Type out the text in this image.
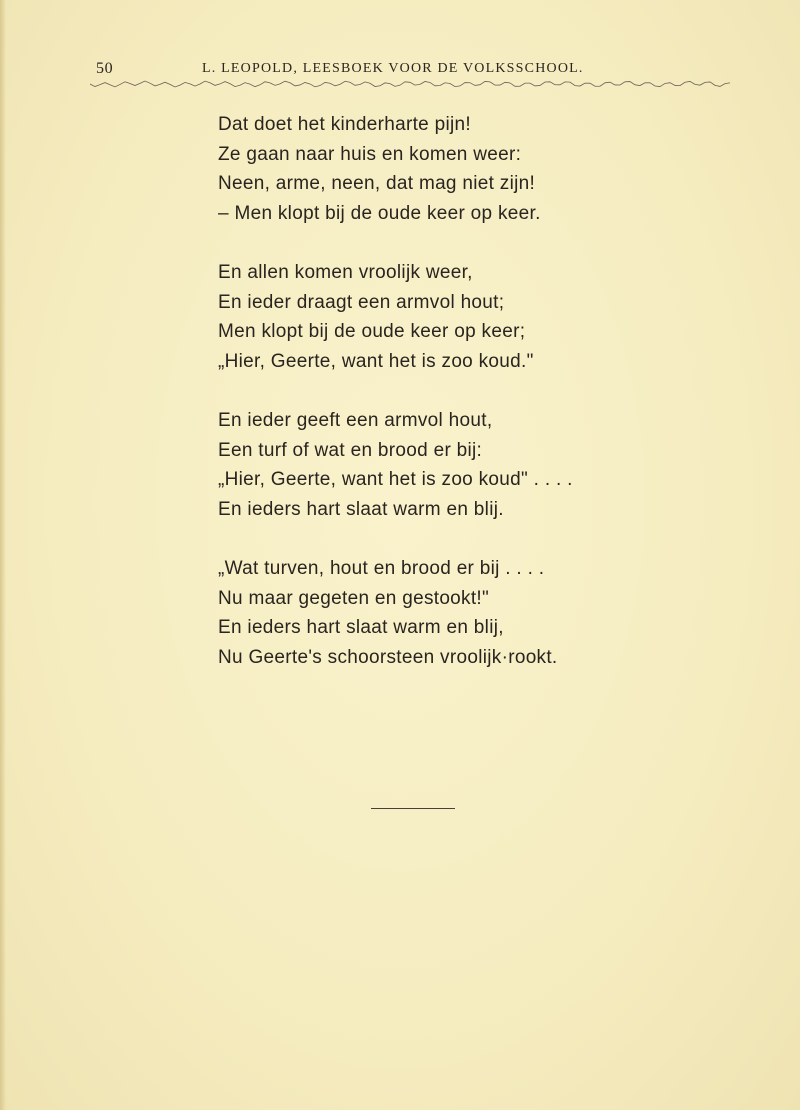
50	L. LEOPOLD, LEESBOEK VOOR DE VOLKSSCHOOL.
Dat doet het kinderharte pijn!
Ze gaan naar huis en komen weer:
Neen, arme, neen, dat mag niet zijn!
– Men klopt bij de oude keer op keer.
En allen komen vroolijk weer,
En ieder draagt een armvol hout;
Men klopt bij de oude keer op keer;
„Hier, Geerte, want het is zoo koud."
En ieder geeft een armvol hout,
Een turf of wat en brood er bij:
„Hier, Geerte, want het is zoo koud" . . . .
En ieders hart slaat warm en blij.
„Wat turven, hout en brood er bij . . . .
Nu maar gegeten en gestookt!"
En ieders hart slaat warm en blij,
Nu Geerte's schoorsteen vroolijk·rookt.
